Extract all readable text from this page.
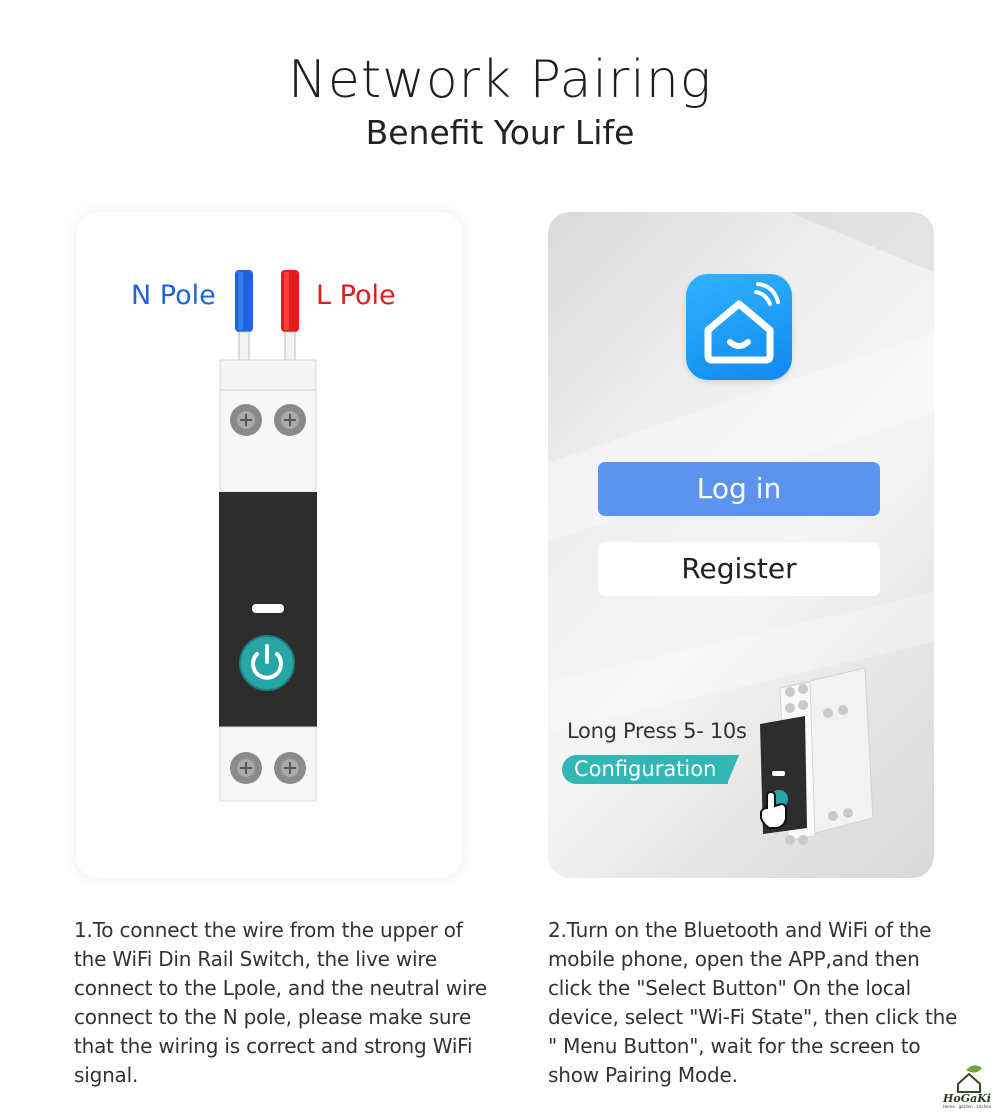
Network Pairing
Benefit Your Life
N Pole	L Pole
Log in
Register
Long Press 5- 10s
Configuration
1.To connect the wire from the upper of the WiFi Din Rail Switch, the live wire connect to the Lpole, and the neutral wire connect to the N pole, please make sure that the wiring is correct and strong WiFi signal.
2.Turn on the Bluetooth and WiFi of the mobile phone, open the APP,and then click the "Select Button" On the local device, select "Wi-Fi State", then click the " Menu Button", wait for the screen to show Pairing Mode.
HoGaKi
Home · garden · kitchen
